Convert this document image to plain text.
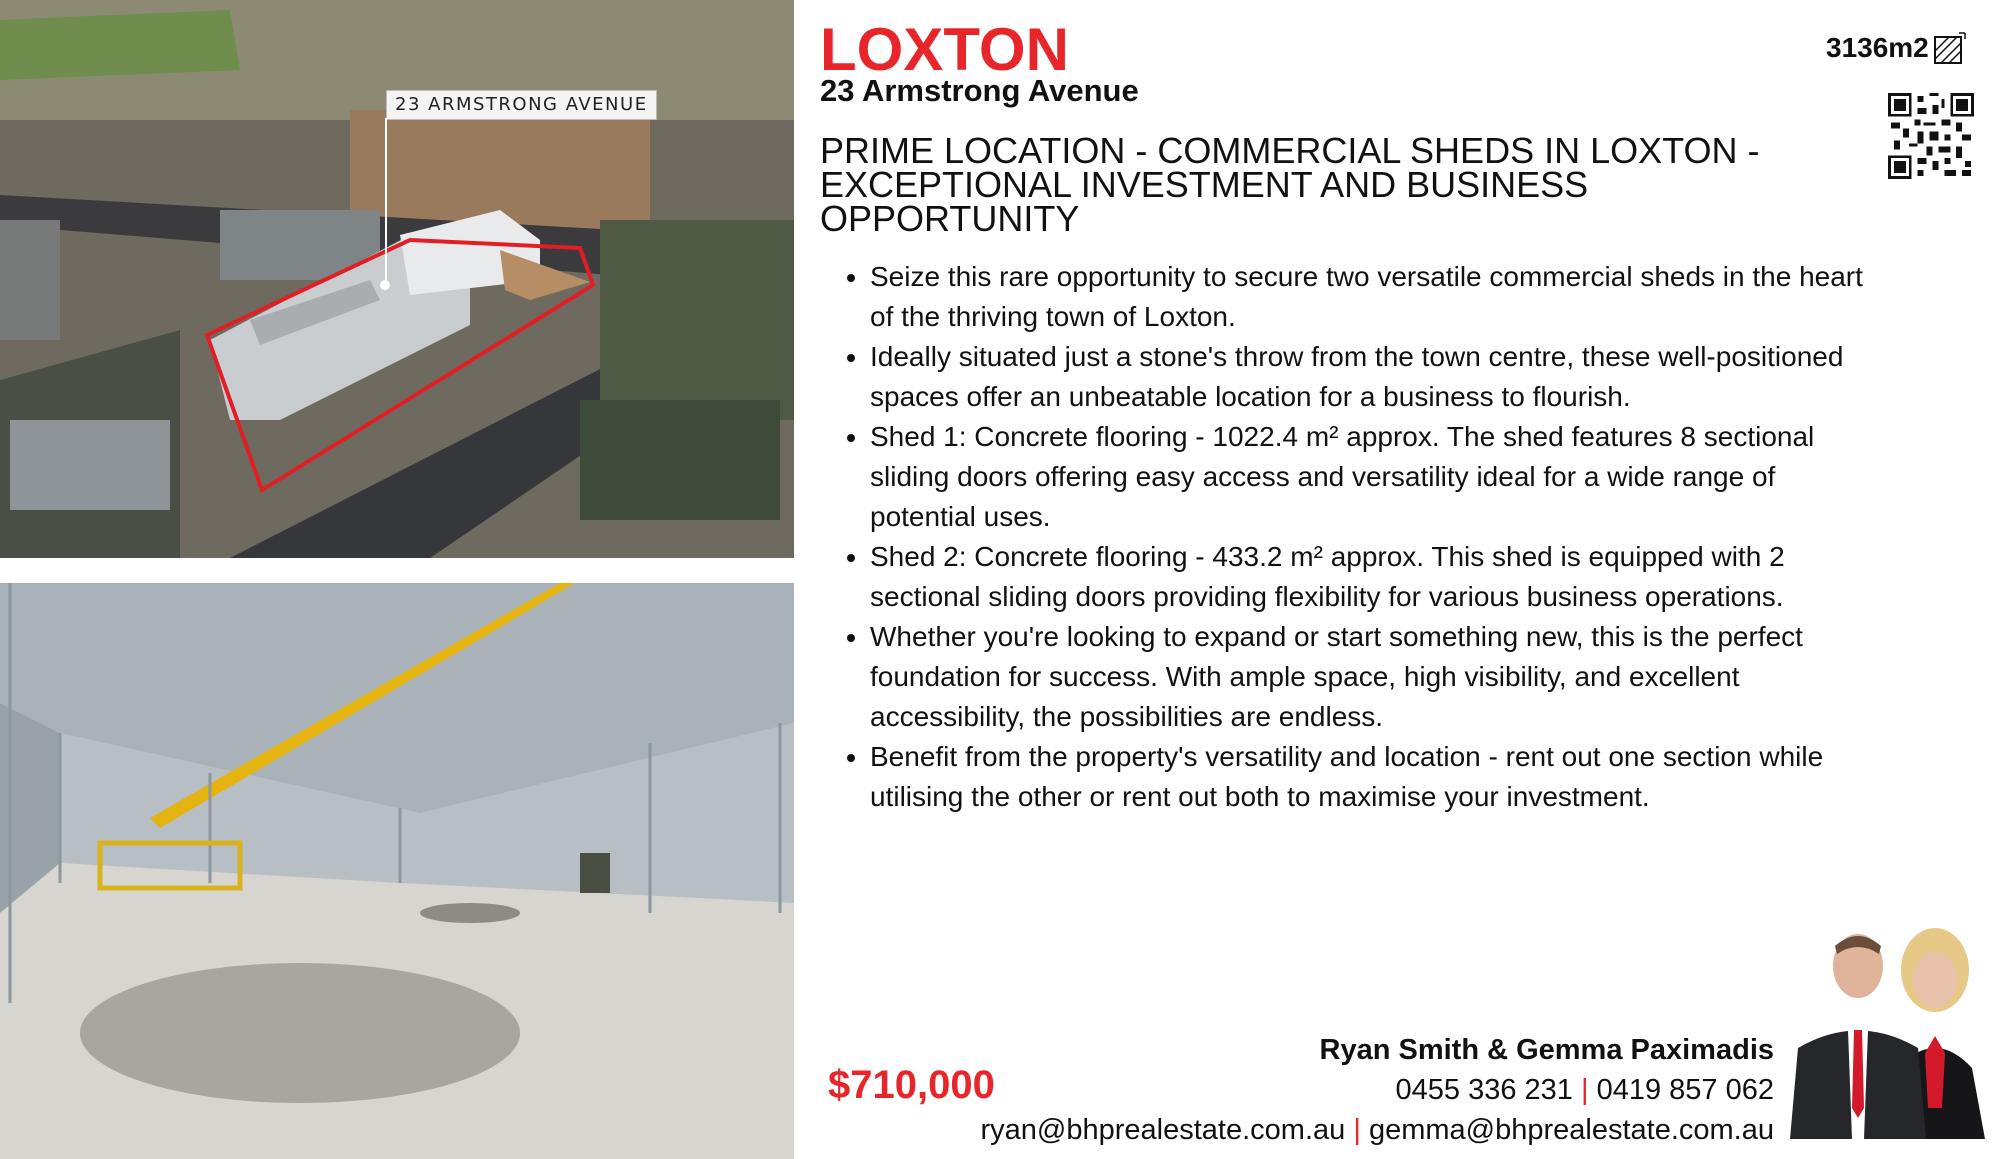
23 ARMSTRONG AVENUE
LOXTON
23 Armstrong Avenue
3136m2
PRIME LOCATION - COMMERCIAL SHEDS IN LOXTON - EXCEPTIONAL INVESTMENT AND BUSINESS OPPORTUNITY
• Seize this rare opportunity to secure two versatile commercial sheds in the heart of the thriving town of Loxton.
• Ideally situated just a stone's throw from the town centre, these well-positioned spaces offer an unbeatable location for a business to flourish.
• Shed 1: Concrete flooring - 1022.4 m² approx. The shed features 8 sectional sliding doors offering easy access and versatility ideal for a wide range of potential uses.
• Shed 2: Concrete flooring - 433.2 m² approx. This shed is equipped with 2 sectional sliding doors providing flexibility for various business operations.
• Whether you're looking to expand or start something new, this is the perfect foundation for success. With ample space, high visibility, and excellent accessibility, the possibilities are endless.
• Benefit from the property's versatility and location - rent out one section while utilising the other or rent out both to maximise your investment.
$710,000
Ryan Smith & Gemma Paximadis
0455 336 231 | 0419 857 062
ryan@bhprealestate.com.au | gemma@bhprealestate.com.au
